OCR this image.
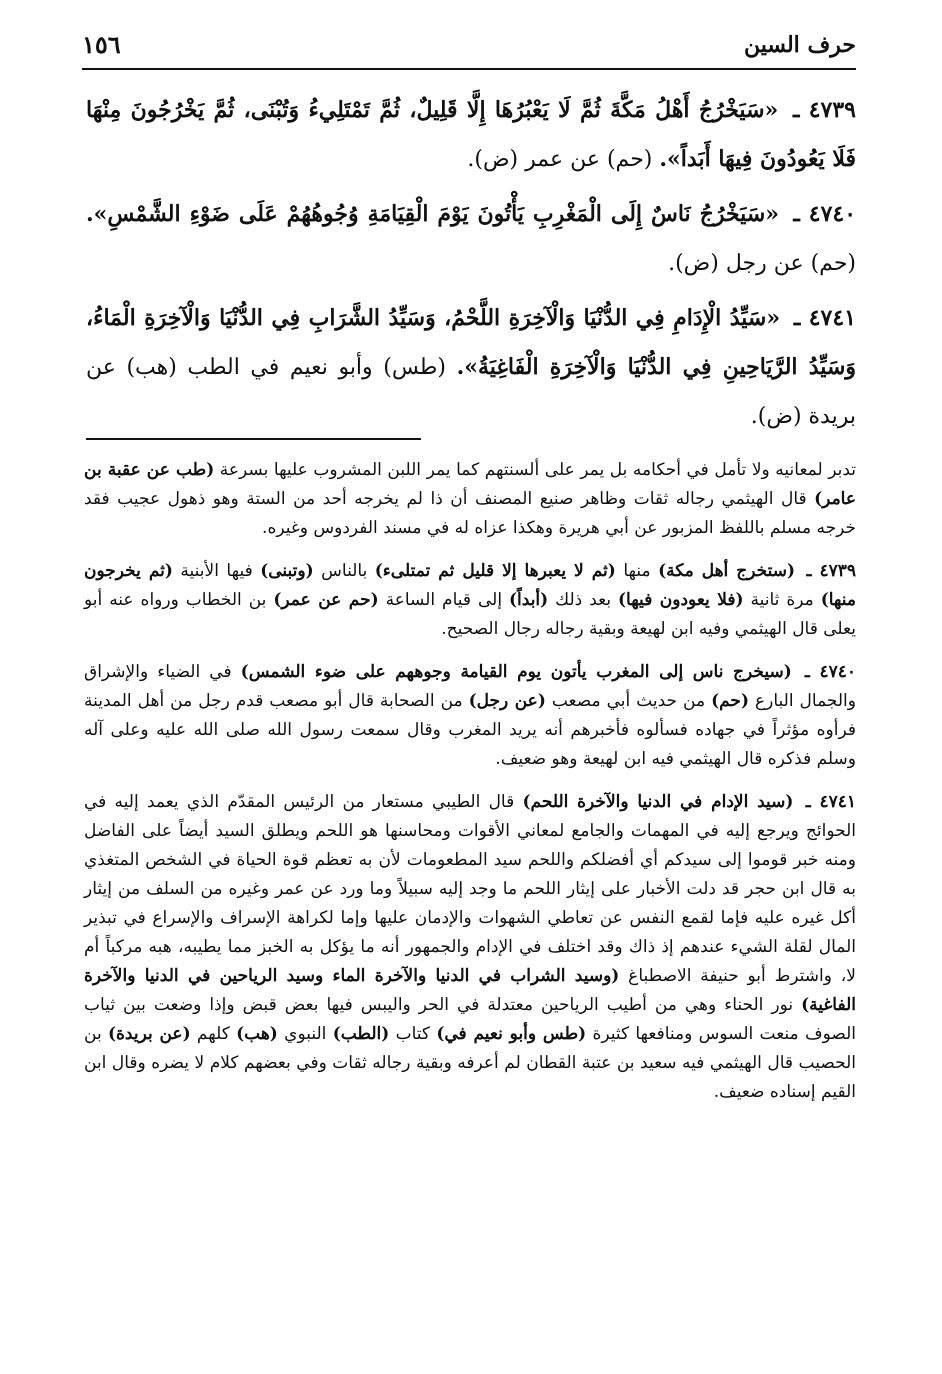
حرف السين
١٥٦

٤٧٣٩ ـ «سَيَخْرُجُ أَهْلُ مَكَّةَ ثُمَّ لَا يَعْبُرُهَا إِلَّا قَلِيلٌ، ثُمَّ تَمْتَلِيءُ وَتُبْنَى، ثُمَّ يَخْرُجُونَ مِنْهَا فَلَا يَعُودُونَ فِيهَا أَبَداً». (حم) عن عمر (ض).

٤٧٤٠ ـ «سَيَخْرُجُ نَاسٌ إِلَى الْمَغْرِبِ يَأْتُونَ يَوْمَ الْقِيَامَةِ وُجُوهُهُمْ عَلَى ضَوْءِ الشَّمْسِ». (حم) عن رجل (ض).

٤٧٤١ ـ «سَيِّدُ الْإِدَامِ فِي الدُّنْيَا وَالْآخِرَةِ اللَّحْمُ، وَسَيِّدُ الشَّرَابِ فِي الدُّنْيَا وَالْآخِرَةِ الْمَاءُ، وَسَيِّدُ الرَّيَاحِينِ فِي الدُّنْيَا وَالْآخِرَةِ الْفَاغِيَةُ». (طس) وأبو نعيم في الطب (هب) عن بريدة (ض).

تدبر لمعانيه ولا تأمل في أحكامه بل يمر على ألسنتهم كما يمر اللبن المشروب عليها بسرعة (طب عن عقبة بن عامر) قال الهيثمي رجاله ثقات وظاهر صنيع المصنف أن ذا لم يخرجه أحد من الستة وهو ذهول عجيب فقد خرجه مسلم باللفظ المزبور عن أبي هريرة وهكذا عزاه له في مسند الفردوس وغيره.

٤٧٣٩ ـ (ستخرج أهل مكة) منها (ثم لا يعبرها إلا قليل ثم تمتلىء) بالناس (وتبنى) فيها الأبنية (ثم يخرجون منها) مرة ثانية (فلا يعودون فيها) بعد ذلك (أبداً) إلى قيام الساعة (حم عن عمر) بن الخطاب ورواه عنه أبو يعلى قال الهيثمي وفيه ابن لهيعة وبقية رجاله رجال الصحيح.

٤٧٤٠ ـ (سيخرج ناس إلى المغرب يأتون يوم القيامة وجوههم على ضوء الشمس) في الضياء والإشراق والجمال البارع (حم) من حديث أبي مصعب (عن رجل) من الصحابة قال أبو مصعب قدم رجل من أهل المدينة فرأوه مؤثراً في جهاده فسألوه فأخبرهم أنه يريد المغرب وقال سمعت رسول الله صلى الله عليه وعلى آله وسلم فذكره قال الهيثمي فيه ابن لهيعة وهو ضعيف.

٤٧٤١ ـ (سيد الإدام في الدنيا والآخرة اللحم) قال الطيبي مستعار من الرئيس المقدّم الذي يعمد إليه في الحوائج ويرجع إليه في المهمات والجامع لمعاني الأقوات ومحاسنها هو اللحم ويطلق السيد أيضاً على الفاضل ومنه خبر قوموا إلى سيدكم أي أفضلكم واللحم سيد المطعومات لأن به تعظم قوة الحياة في الشخص المتغذي به قال ابن حجر قد دلت الأخبار على إيثار اللحم ما وجد إليه سبيلاً وما ورد عن عمر وغيره من السلف من إيثار أكل غيره عليه فإما لقمع النفس عن تعاطي الشهوات والإدمان عليها وإما لكراهة الإسراف والإسراع في تبذير المال لقلة الشيء عندهم إذ ذاك وقد اختلف في الإدام والجمهور أنه ما يؤكل به الخبز مما يطيبه، هبه مركباً أم لا، واشترط أبو حنيفة الاصطباغ (وسيد الشراب في الدنيا والآخرة الماء وسيد الرياحين في الدنيا والآخرة الفاغية) نور الحناء وهي من أطيب الرياحين معتدلة في الحر واليبس فيها بعض قبض وإذا وضعت بين ثياب الصوف منعت السوس ومنافعها كثيرة (طس وأبو نعيم في) كتاب (الطب) النبوي (هب) كلهم (عن بريدة) بن الحصيب قال الهيثمي فيه سعيد بن عتبة القطان لم أعرفه وبقية رجاله ثقات وفي بعضهم كلام لا يضره وقال ابن القيم إسناده ضعيف.
